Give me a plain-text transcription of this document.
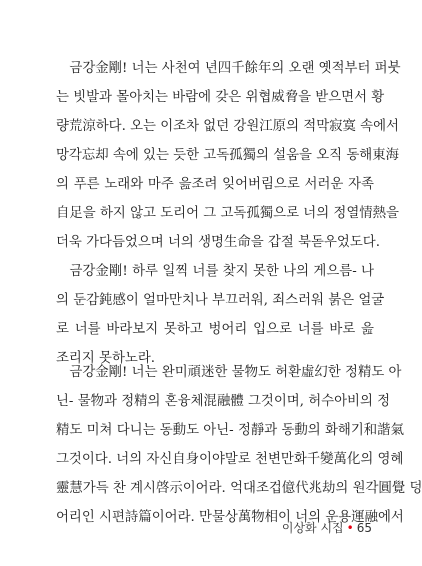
　금강金剛! 너는 사천여 년四千餘年의 오랜 옛적부터 퍼붓
는 빗발과 몰아치는 바람에 갖은 위협威脅을 받으면서 황
량荒涼하다. 오는 이조차 없던 강원江原의 적막寂寞 속에서
망각忘却 속에 있는 듯한 고독孤獨의 설움을 오직 동해東海
의 푸른 노래와 마주 읊조려 잊어버림으로 서러운 자족
自足을 하지 않고 도리어 그 고독孤獨으로 너의 정열情熱을
더욱 가다듬었으며 너의 생명生命을 갑절 북돋우었도다.
　금강金剛! 하루 일찍 너를 찾지 못한 나의 게으름- 나
의 둔감鈍感이 얼마만치나 부끄러워, 죄스러워 붉은 얼굴
로 너를 바라보지 못하고 벙어리 입으로 너를 바로 읊
조리지 못하노라.
　금강金剛! 너는 완미頑迷한 물物도 허환虛幻한 정精도 아
닌- 물物과 정精의 혼융체混融體 그것이며, 허수아비의 정
精도 미쳐 다니는 동動도 아닌- 정靜과 동動의 화해기和諧氣
그것이다. 너의 자신自身이야말로 천변만화千變萬化의 영혜
靈慧가득 찬 계시啓示이어라. 억대조겁億代兆劫의 원각圓覺 덩
어리인 시편詩篇이어라. 만물상萬物相이 너의 운용運融에서
이상화 시집 • 65
